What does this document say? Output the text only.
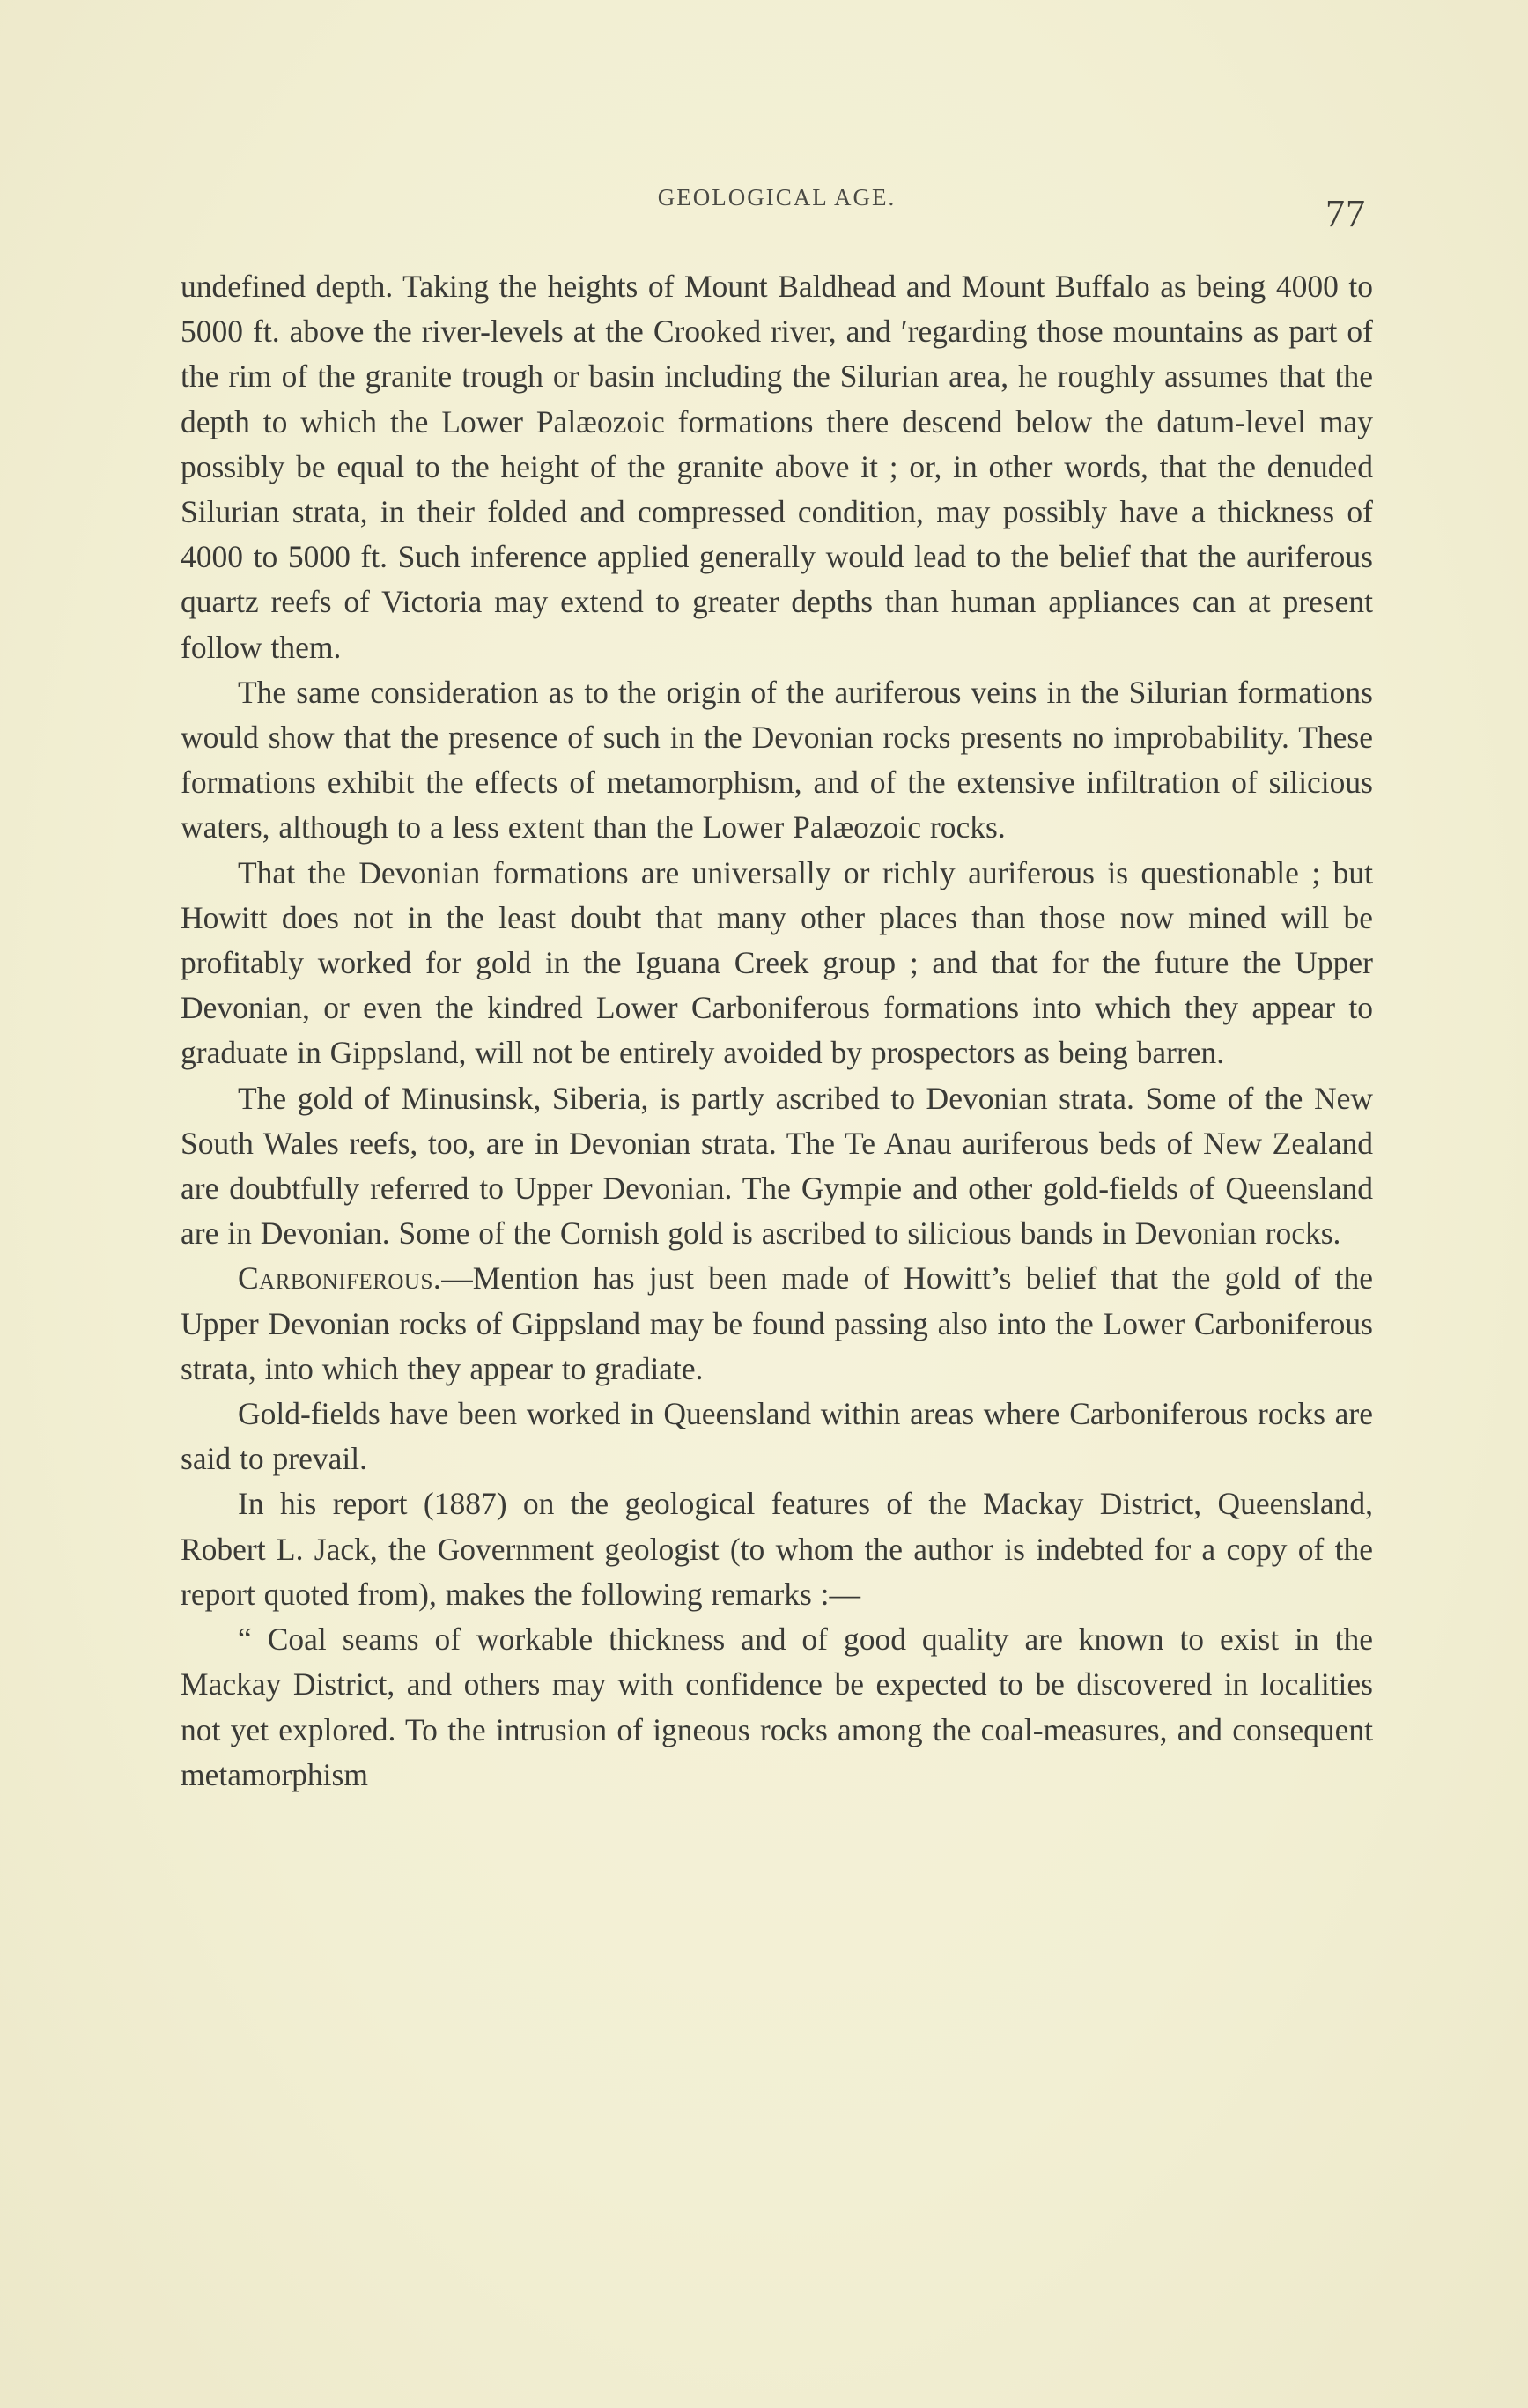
GEOLOGICAL AGE.	77

undefined depth. Taking the heights of Mount Baldhead and Mount Buffalo as being 4000 to 5000 ft. above the river-levels at the Crooked river, and ′regarding those mountains as part of the rim of the granite trough or basin including the Silurian area, he roughly assumes that the depth to which the Lower Palæozoic formations there descend below the datum-level may possibly be equal to the height of the granite above it ; or, in other words, that the denuded Silurian strata, in their folded and compressed condition, may possibly have a thickness of 4000 to 5000 ft. Such inference applied generally would lead to the belief that the auriferous quartz reefs of Victoria may extend to greater depths than human appliances can at present follow them.

The same consideration as to the origin of the auriferous veins in the Silurian formations would show that the presence of such in the Devonian rocks presents no improbability. These formations exhibit the effects of metamorphism, and of the extensive infiltration of silicious waters, although to a less extent than the Lower Palæozoic rocks.

That the Devonian formations are universally or richly auriferous is questionable ; but Howitt does not in the least doubt that many other places than those now mined will be profitably worked for gold in the Iguana Creek group ; and that for the future the Upper Devonian, or even the kindred Lower Carboniferous formations into which they appear to graduate in Gippsland, will not be entirely avoided by prospectors as being barren.

The gold of Minusinsk, Siberia, is partly ascribed to Devonian strata. Some of the New South Wales reefs, too, are in Devonian strata. The Te Anau auriferous beds of New Zealand are doubtfully referred to Upper Devonian. The Gympie and other gold-fields of Queensland are in Devonian. Some of the Cornish gold is ascribed to silicious bands in Devonian rocks.

Carboniferous.—Mention has just been made of Howitt’s belief that the gold of the Upper Devonian rocks of Gippsland may be found passing also into the Lower Carboniferous strata, into which they appear to gradiate.

Gold-fields have been worked in Queensland within areas where Carboniferous rocks are said to prevail.

In his report (1887) on the geological features of the Mackay District, Queensland, Robert L. Jack, the Government geologist (to whom the author is indebted for a copy of the report quoted from), makes the following remarks :—

“ Coal seams of workable thickness and of good quality are known to exist in the Mackay District, and others may with confidence be expected to be discovered in localities not yet explored. To the intrusion of igneous rocks among the coal-measures, and consequent metamorphism
